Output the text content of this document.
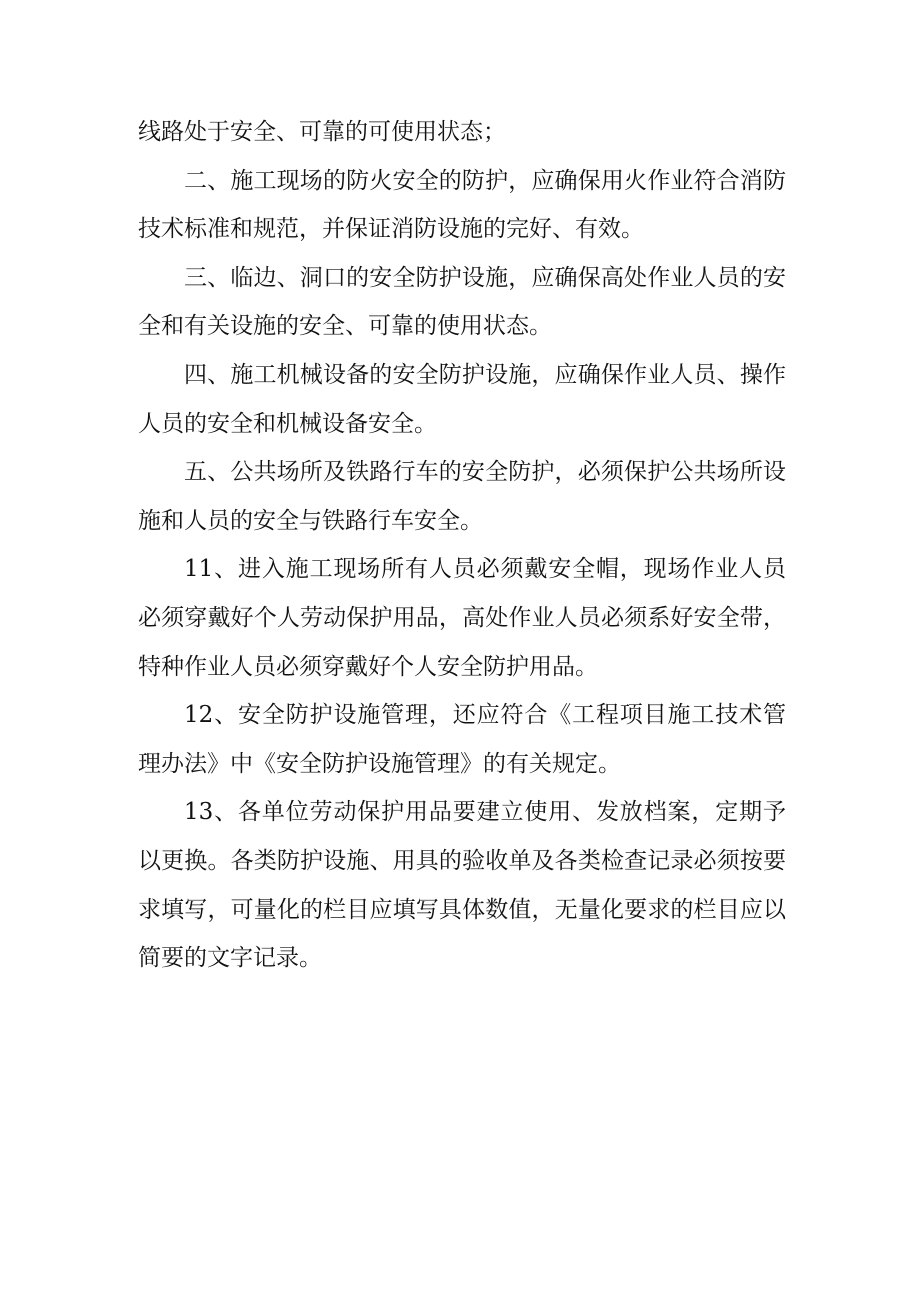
线路处于安全、可靠的可使用状态；

二、施工现场的防火安全的防护，应确保用火作业符合消防技术标准和规范，并保证消防设施的完好、有效。

三、临边、洞口的安全防护设施，应确保高处作业人员的安全和有关设施的安全、可靠的使用状态。

四、施工机械设备的安全防护设施，应确保作业人员、操作人员的安全和机械设备安全。

五、公共场所及铁路行车的安全防护，必须保护公共场所设施和人员的安全与铁路行车安全。

11、进入施工现场所有人员必须戴安全帽，现场作业人员必须穿戴好个人劳动保护用品，高处作业人员必须系好安全带，特种作业人员必须穿戴好个人安全防护用品。

12、安全防护设施管理，还应符合《工程项目施工技术管理办法》中《安全防护设施管理》的有关规定。

13、各单位劳动保护用品要建立使用、发放档案，定期予以更换。各类防护设施、用具的验收单及各类检查记录必须按要求填写，可量化的栏目应填写具体数值，无量化要求的栏目应以简要的文字记录。
